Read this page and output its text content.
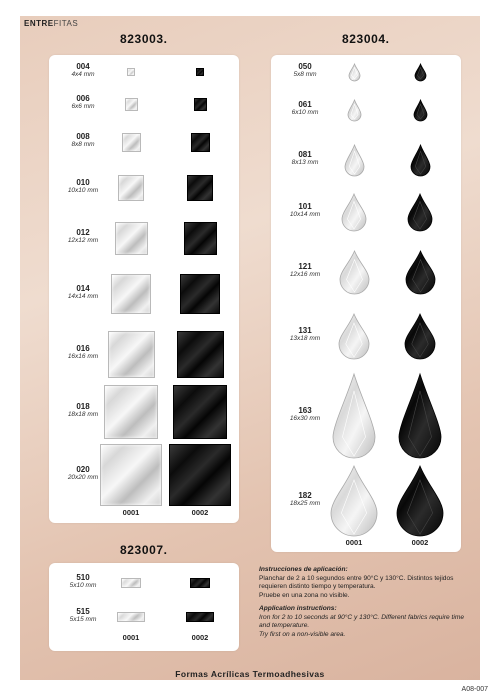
ENTREFITAS
823003.	823004.
823007.
004
4x4 mm
006
6x6 mm
008
8x8 mm
010
10x10 mm
012
12x12 mm
014
14x14 mm
016
16x16 mm
018
18x18 mm
020
20x20 mm
050
5x8 mm
061
6x10 mm
081
8x13 mm
101
10x14 mm
121
12x16 mm
131
13x18 mm
163
16x30 mm
182
18x25 mm
510
5x10 mm
515
5x15 mm
0001	0002
0001	0002
0001	0002
Instrucciones de aplicación:
Planchar de 2 a 10 segundos entre 90°C y 130°C. Distintos tejidos
requieren distinto tiempo y temperatura.
Pruebe en una zona no visible.
Application instructions:
Iron for 2 to 10 seconds at 90°C y 130°C. Different fabrics require time
and temperature.
Try first on a non-visible area.
Formas Acrílicas Termoadhesivas
A08-007
